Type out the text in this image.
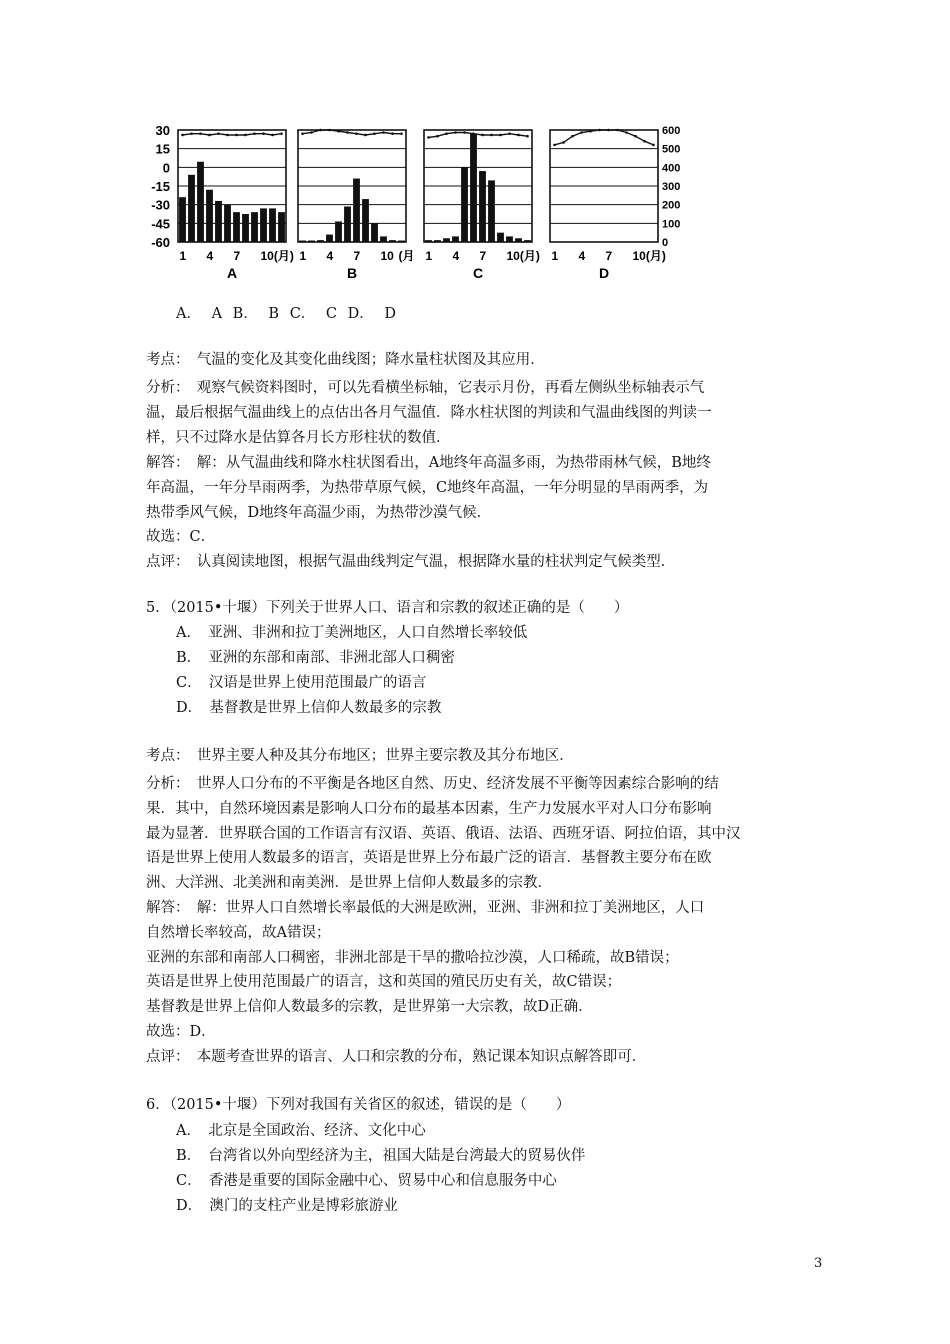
30
15
0
-15
-30
-45
-60
600
500
400
300
200
100
0
1 4 7 10(月)
A
1 4 7 10 (月
B
1 4 7 10(月)
C
1 4 7 10(月)
D
A． A B． B C． C D． D
考点：　气温的变化及其变化曲线图；降水量柱状图及其应用．
分析：　观察气候资料图时，可以先看横坐标轴，它表示月份，再看左侧纵坐标轴表示气
温，最后根据气温曲线上的点估出各月气温值．降水柱状图的判读和气温曲线图的判读一
样，只不过降水是估算各月长方形柱状的数值．
解答：　解：从气温曲线和降水柱状图看出，A地终年高温多雨，为热带雨林气候，B地终
年高温，一年分旱雨两季，为热带草原气候，C地终年高温，一年分明显的旱雨两季，为
热带季风气候，D地终年高温少雨，为热带沙漠气候．
故选：C．
点评：　认真阅读地图，根据气温曲线判定气温，根据降水量的柱状判定气候类型．
5．（2015•十堰）下列关于世界人口、语言和宗教的叙述正确的是（　　）
A．　亚洲、非洲和拉丁美洲地区，人口自然增长率较低
B．　亚洲的东部和南部、非洲北部人口稠密
C．　汉语是世界上使用范围最广的语言
D．　基督教是世界上信仰人数最多的宗教
考点：　世界主要人种及其分布地区；世界主要宗教及其分布地区．
分析：　世界人口分布的不平衡是各地区自然、历史、经济发展不平衡等因素综合影响的结
果．其中，自然环境因素是影响人口分布的最基本因素，生产力发展水平对人口分布影响
最为显著．世界联合国的工作语言有汉语、英语、俄语、法语、西班牙语、阿拉伯语，其中汉
语是世界上使用人数最多的语言，英语是世界上分布最广泛的语言．基督教主要分布在欧
洲、大洋洲、北美洲和南美洲．是世界上信仰人数最多的宗教．
解答：　解：世界人口自然增长率最低的大洲是欧洲，亚洲、非洲和拉丁美洲地区，人口
自然增长率较高，故A错误；
亚洲的东部和南部人口稠密，非洲北部是干旱的撒哈拉沙漠，人口稀疏，故B错误；
英语是世界上使用范围最广的语言，这和英国的殖民历史有关，故C错误；
基督教是世界上信仰人数最多的宗教，是世界第一大宗教，故D正确．
故选：D．
点评：　本题考查世界的语言、人口和宗教的分布，熟记课本知识点解答即可．
6．（2015•十堰）下列对我国有关省区的叙述，错误的是（　　）
A．　北京是全国政治、经济、文化中心
B．　台湾省以外向型经济为主，祖国大陆是台湾最大的贸易伙伴
C．　香港是重要的国际金融中心、贸易中心和信息服务中心
D．　澳门的支柱产业是博彩旅游业
3
